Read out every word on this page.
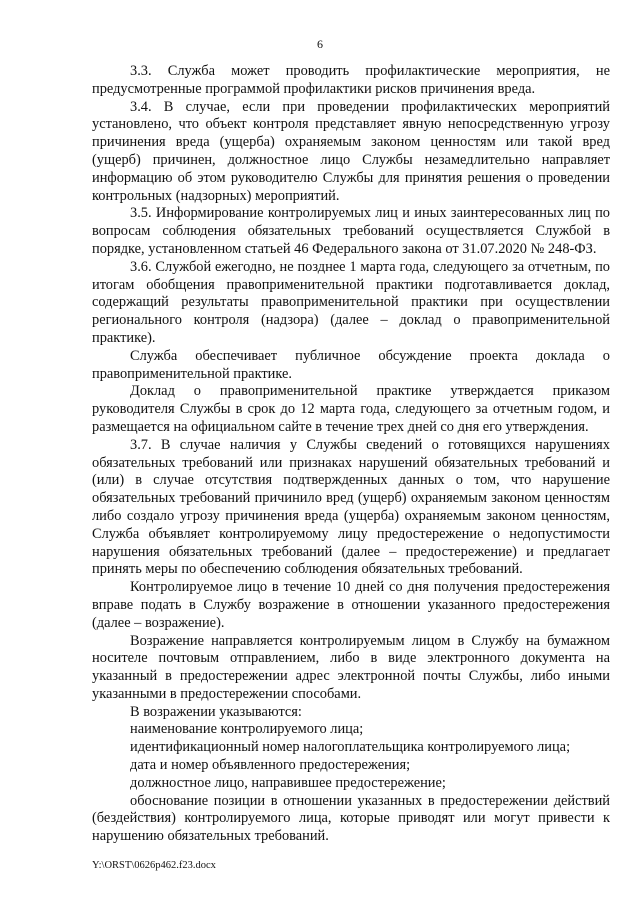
6

3.3. Служба может проводить профилактические мероприятия, не предусмотренные программой профилактики рисков причинения вреда.

3.4. В случае, если при проведении профилактических мероприятий установлено, что объект контроля представляет явную непосредственную угрозу причинения вреда (ущерба) охраняемым законом ценностям или такой вред (ущерб) причинен, должностное лицо Службы незамедлительно направляет информацию об этом руководителю Службы для принятия решения о проведении контрольных (надзорных) мероприятий.

3.5. Информирование контролируемых лиц и иных заинтересованных лиц по вопросам соблюдения обязательных требований осуществляется Службой в порядке, установленном статьей 46 Федерального закона от 31.07.2020 № 248-ФЗ.

3.6. Службой ежегодно, не позднее 1 марта года, следующего за отчетным, по итогам обобщения правоприменительной практики подготавливается доклад, содержащий результаты правоприменительной практики при осуществлении регионального контроля (надзора) (далее – доклад о правоприменительной практике).

Служба обеспечивает публичное обсуждение проекта доклада о правоприменительной практике.

Доклад о правоприменительной практике утверждается приказом руководителя Службы в срок до 12 марта года, следующего за отчетным годом, и размещается на официальном сайте в течение трех дней со дня его утверждения.

3.7. В случае наличия у Службы сведений о готовящихся нарушениях обязательных требований или признаках нарушений обязательных требований и (или) в случае отсутствия подтвержденных данных о том, что нарушение обязательных требований причинило вред (ущерб) охраняемым законом ценностям либо создало угрозу причинения вреда (ущерба) охраняемым законом ценностям, Служба объявляет контролируемому лицу предостережение о недопустимости нарушения обязательных требований (далее – предостережение) и предлагает принять меры по обеспечению соблюдения обязательных требований.

Контролируемое лицо в течение 10 дней со дня получения предостережения вправе подать в Службу возражение в отношении указанного предостережения (далее – возражение).

Возражение направляется контролируемым лицом в Службу на бумажном носителе почтовым отправлением, либо в виде электронного документа на указанный в предостережении адрес электронной почты Службы, либо иными указанными в предостережении способами.

В возражении указываются:

наименование контролируемого лица;

идентификационный номер налогоплательщика контролируемого лица;

дата и номер объявленного предостережения;

должностное лицо, направившее предостережение;

обоснование позиции в отношении указанных в предостережении действий (бездействия) контролируемого лица, которые приводят или могут привести к нарушению обязательных требований.

Y:\ORST\0626p462.f23.docx
